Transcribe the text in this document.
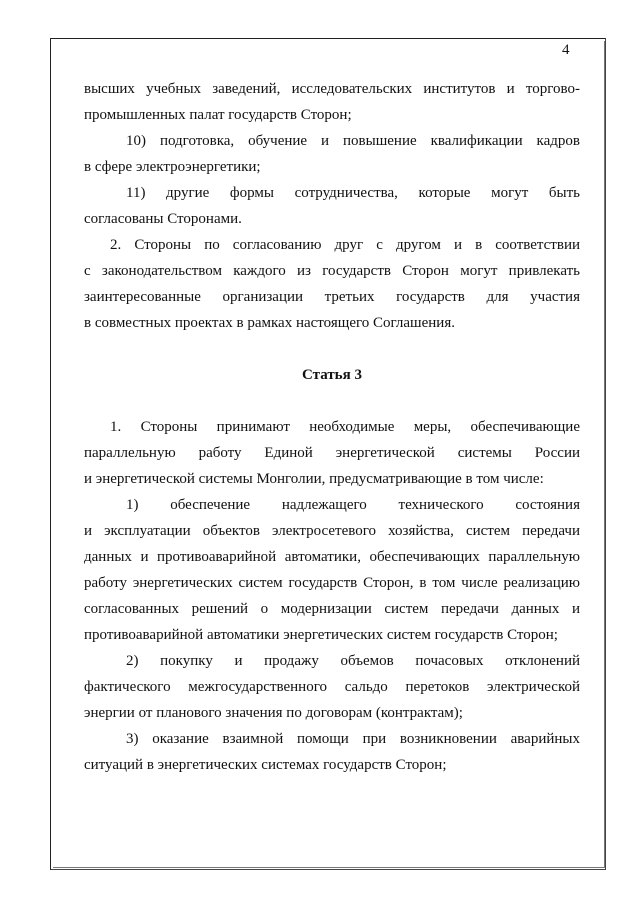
4
высших учебных заведений, исследовательских институтов и торгово-
промышленных палат государств Сторон;
10) подготовка, обучение и повышение квалификации кадров
в сфере электроэнергетики;
11) другие формы сотрудничества, которые могут быть
согласованы Сторонами.
2. Стороны по согласованию друг с другом и в соответствии
с законодательством каждого из государств Сторон могут привлекать
заинтересованные организации третьих государств для участия
в совместных проектах в рамках настоящего Соглашения.
Статья 3
1. Стороны принимают необходимые меры, обеспечивающие
параллельную работу Единой энергетической системы России
и энергетической системы Монголии, предусматривающие в том числе:
1) обеспечение надлежащего технического состояния
и эксплуатации объектов электросетевого хозяйства, систем передачи
данных и противоаварийной автоматики, обеспечивающих параллельную
работу энергетических систем государств Сторон, в том числе реализацию
согласованных решений о модернизации систем передачи данных и
противоаварийной автоматики энергетических систем государств Сторон;
2) покупку и продажу объемов почасовых отклонений
фактического межгосударственного сальдо перетоков электрической
энергии от планового значения по договорам (контрактам);
3) оказание взаимной помощи при возникновении аварийных
ситуаций в энергетических системах государств Сторон;
